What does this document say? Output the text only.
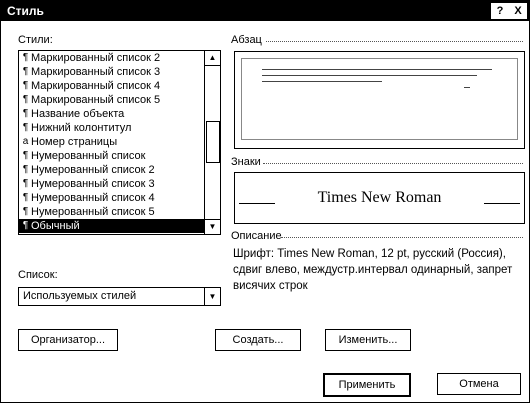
Стиль	? X
Стили:
¶ Маркированный список 2
¶ Маркированный список 3
¶ Маркированный список 4
¶ Маркированный список 5
¶ Название объекта
¶ Нижний колонтитул
a Номер страницы
¶ Нумерованный список
¶ Нумерованный список 2
¶ Нумерованный список 3
¶ Нумерованный список 4
¶ Нумерованный список 5
¶ Обычный
▲
▼
Абзац
Знаки
Times New Roman
Описание
Шрифт: Times New Roman, 12 pt, русский (Россия), сдвиг влево, междустр.интервал одинарный, запрет висячих строк
Список:
Используемых стилей	▼
Организатор...	Создать...	Изменить...
Применить	Отмена
